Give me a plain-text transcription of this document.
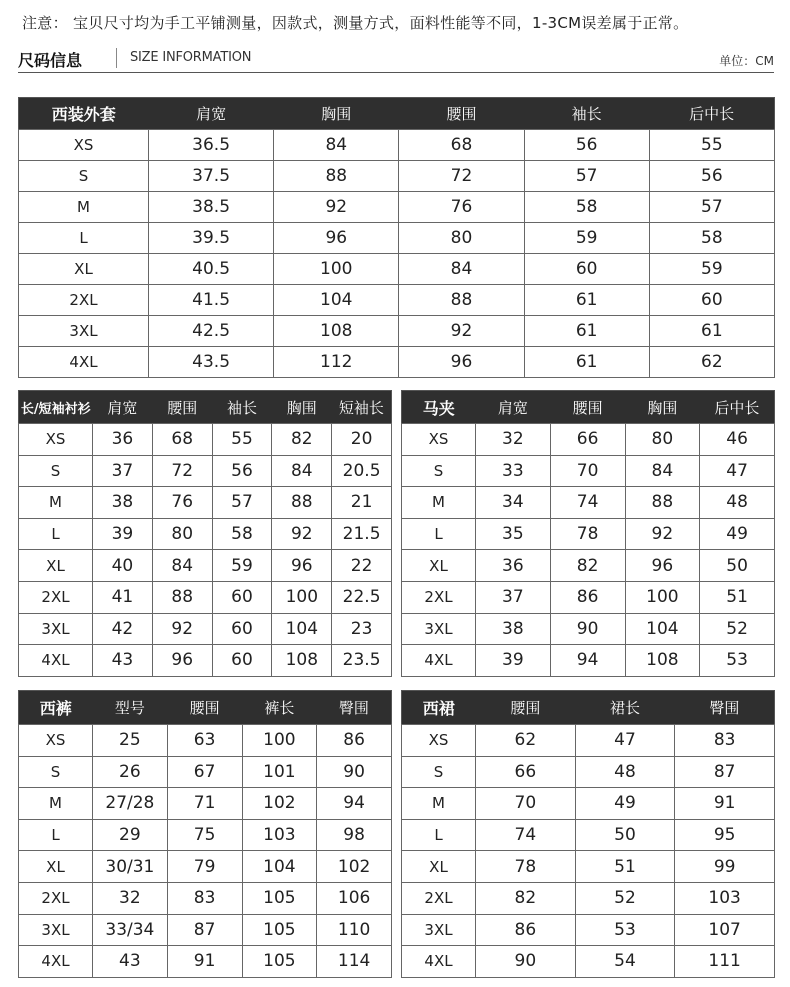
注意： 宝贝尺寸均为手工平铺测量，因款式，测量方式，面料性能等不同，1-3CM误差属于正常。
尺码信息	SIZE INFORMATION	单位：CM
西装外套	肩宽	胸围	腰围	袖长	后中长
XS	36.5	84	68	56	55
S	37.5	88	72	57	56
M	38.5	92	76	58	57
L	39.5	96	80	59	58
XL	40.5	100	84	60	59
2XL	41.5	104	88	61	60
3XL	42.5	108	92	61	61
4XL	43.5	112	96	61	62
长/短袖衬衫	肩宽	腰围	袖长	胸围	短袖长
XS	36	68	55	82	20
S	37	72	56	84	20.5
M	38	76	57	88	21
L	39	80	58	92	21.5
XL	40	84	59	96	22
2XL	41	88	60	100	22.5
3XL	42	92	60	104	23
4XL	43	96	60	108	23.5
马夹	肩宽	腰围	胸围	后中长
XS	32	66	80	46
S	33	70	84	47
M	34	74	88	48
L	35	78	92	49
XL	36	82	96	50
2XL	37	86	100	51
3XL	38	90	104	52
4XL	39	94	108	53
西裤	型号	腰围	裤长	臀围
XS	25	63	100	86
S	26	67	101	90
M	27/28	71	102	94
L	29	75	103	98
XL	30/31	79	104	102
2XL	32	83	105	106
3XL	33/34	87	105	110
4XL	43	91	105	114
西裙	腰围	裙长	臀围
XS	62	47	83
S	66	48	87
M	70	49	91
L	74	50	95
XL	78	51	99
2XL	82	52	103
3XL	86	53	107
4XL	90	54	111
